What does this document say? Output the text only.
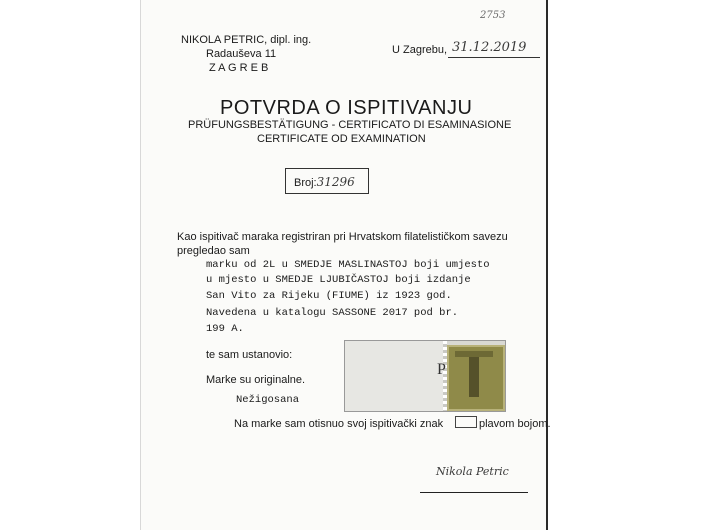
2753
NIKOLA PETRIC, dipl. ing.
Radauševa 11
Z A G R E B
U Zagrebu, 31.12.2019
POTVRDA O ISPITIVANJU
PRÜFUNGSBESTÄTIGUNG - CERTIFICATO DI ESAMINASIONE
CERTIFICATE OD EXAMINATION
Broj:31296
Kao ispitivač maraka registriran pri Hrvatskom filatelističkom savezu
pregledao sam
marku od 2L u SMEDJE MASLINASTOJ boji umjesto
u mjesto u SMEDJE LJUBIČASTOJ boji izdanje
San Vito za Rijeku (FIUME) iz 1923 god.
Navedena u katalogu SASSONE 2017 pod br.
199 A.
te sam ustanovio:
Marke su originalne.
Nežigosana
P
Na marke sam otisnuo svoj ispitivački znak	plavom bojom.
Nikola Petric
